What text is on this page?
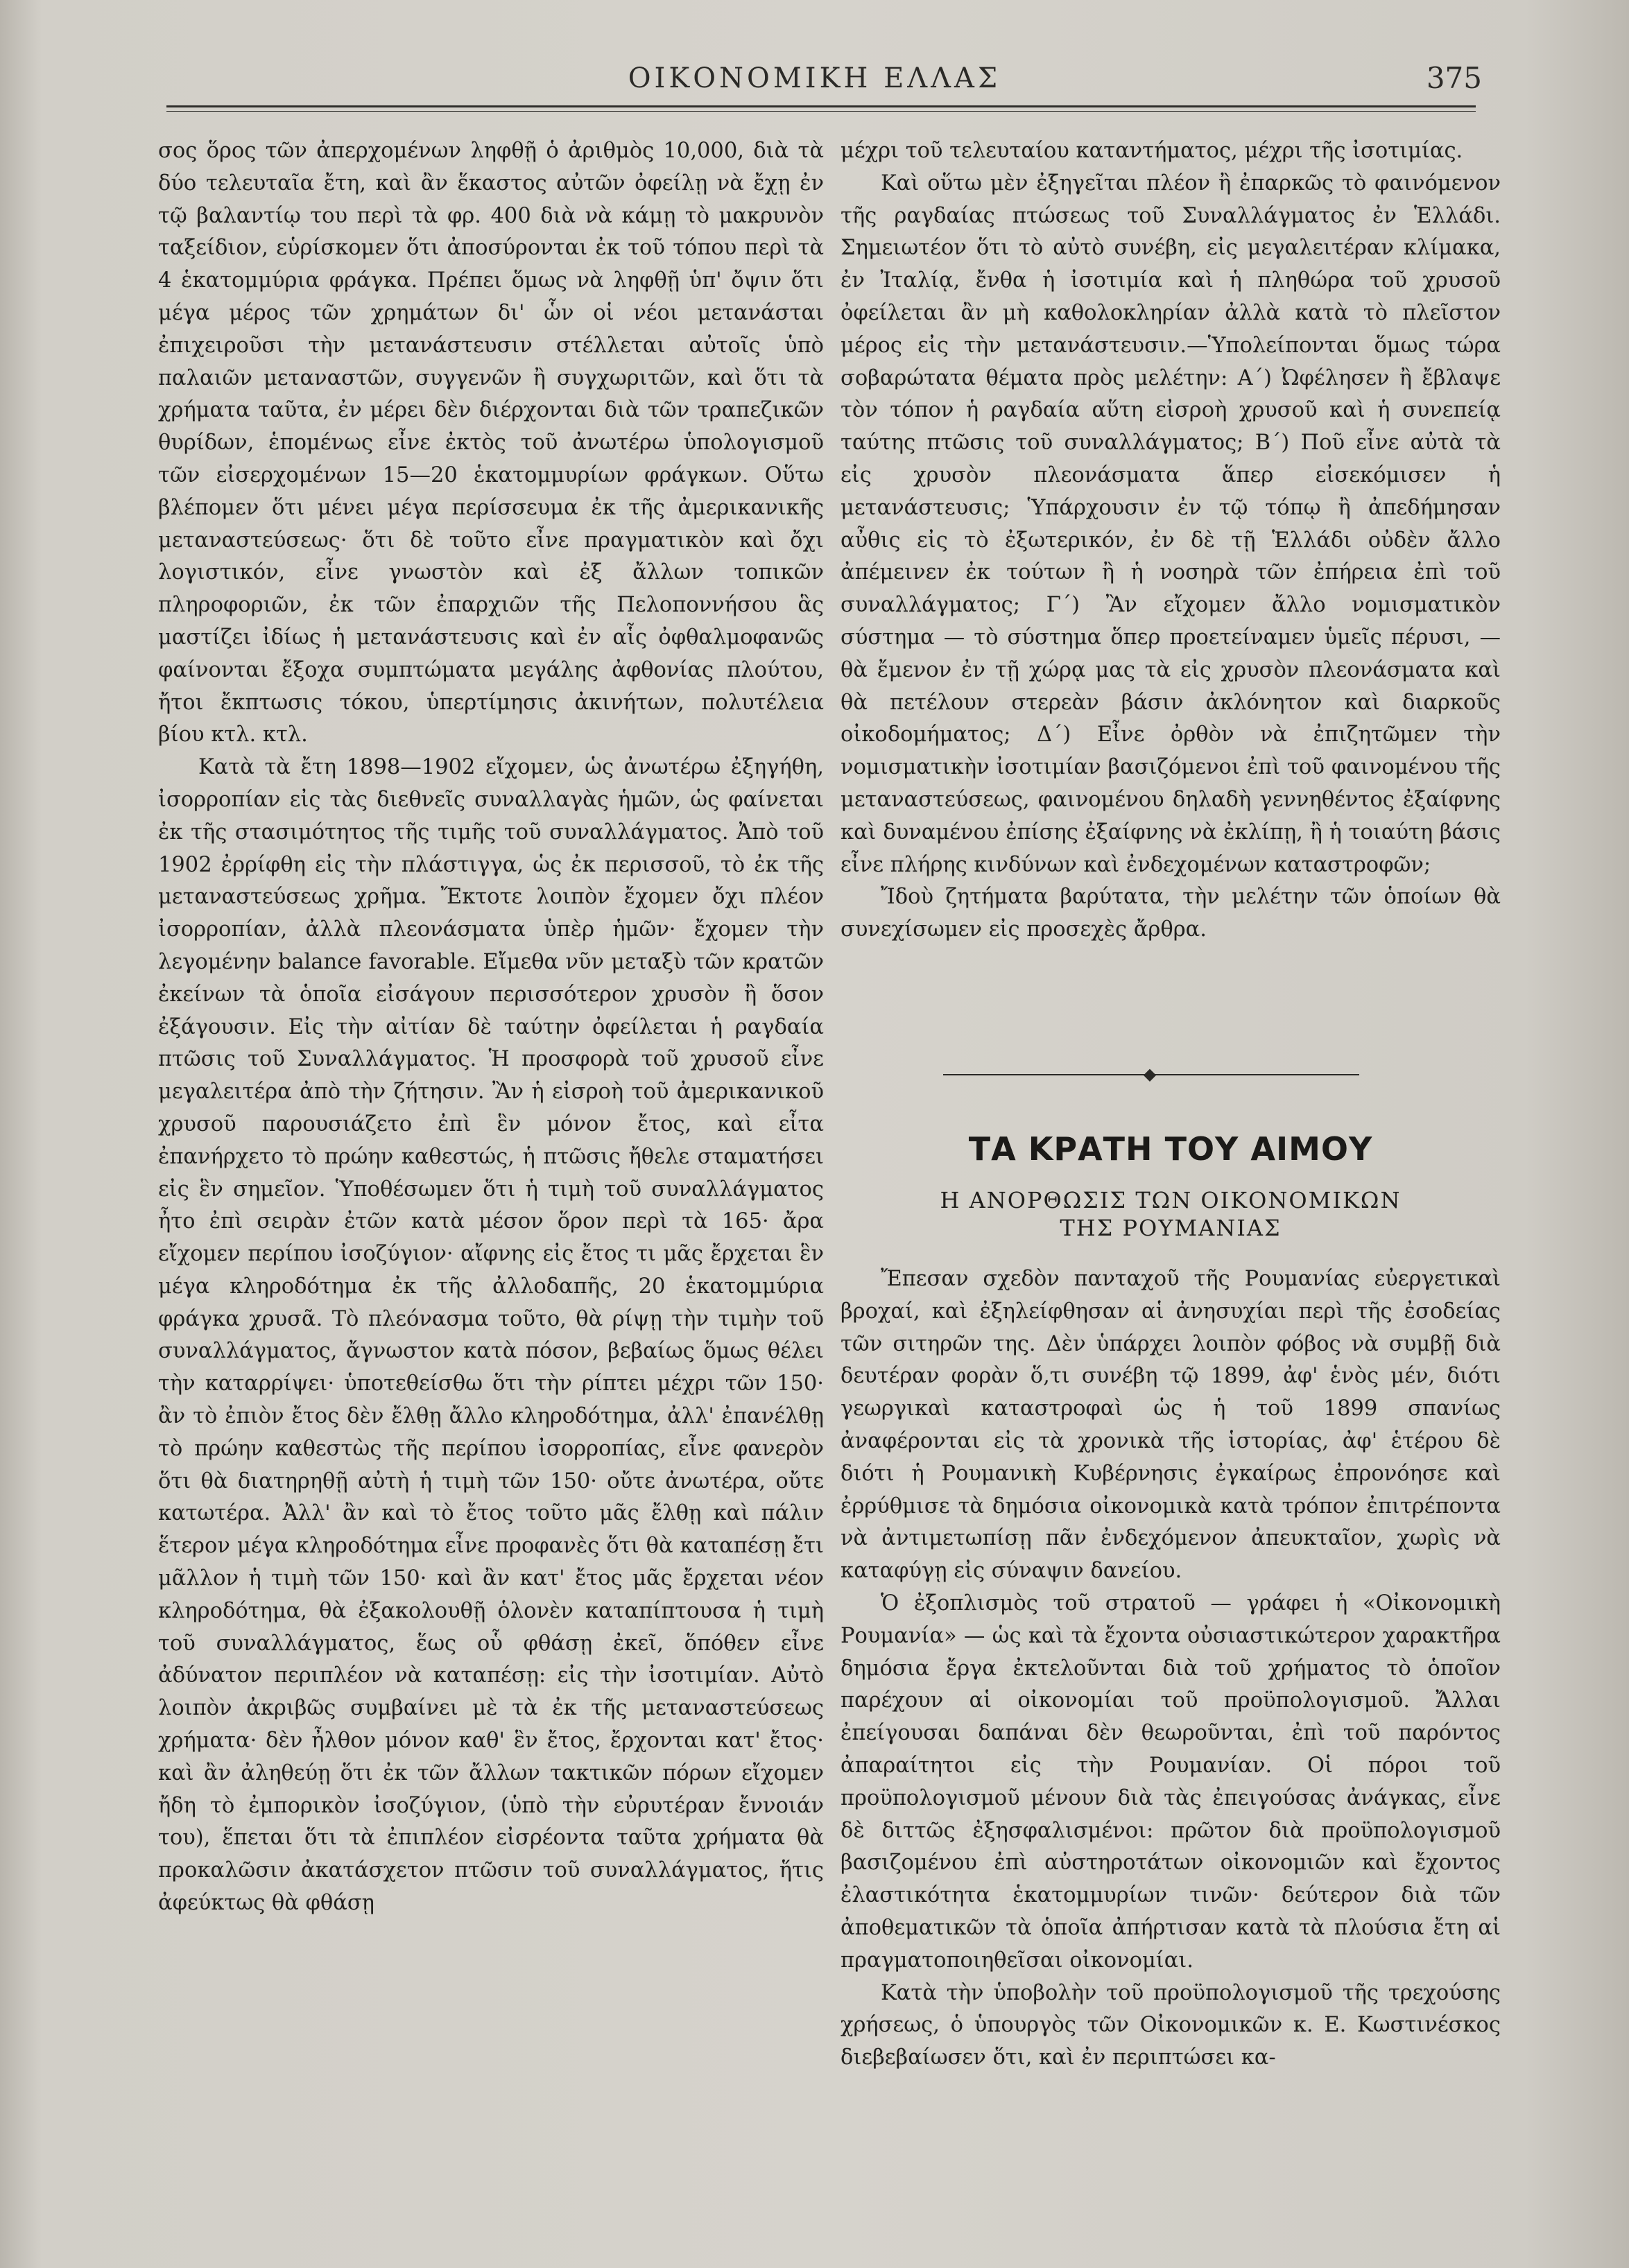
ΟΙΚΟΝΟΜΙΚΗ ΕΛΛΑΣ	375

σος ὅρος τῶν ἀπερχομένων ληφθῇ ὁ ἀριθμὸς 10,000, διὰ τὰ δύο τελευταῖα ἔτη, καὶ ἂν ἕκαστος αὐτῶν ὀφείλῃ νὰ ἔχῃ ἐν τῷ βαλαντίῳ του περὶ τὰ φρ. 400 διὰ νὰ κάμῃ τὸ μακρυνὸν ταξείδιον, εὑρίσκομεν ὅτι ἀποσύρονται ἐκ τοῦ τόπου περὶ τὰ 4 ἑκατομμύρια φράγκα. Πρέπει ὅμως νὰ ληφθῇ ὑπ' ὄψιν ὅτι μέγα μέρος τῶν χρημάτων δι' ὧν οἱ νέοι μετανάσται ἐπιχειροῦσι τὴν μετανάστευσιν στέλλεται αὐτοῖς ὑπὸ παλαιῶν μεταναστῶν, συγγενῶν ἢ συγχωριτῶν, καὶ ὅτι τὰ χρήματα ταῦτα, ἐν μέρει δὲν διέρχονται διὰ τῶν τραπεζικῶν θυρίδων, ἑπομένως εἶνε ἐκτὸς τοῦ ἀνωτέρω ὑπολογισμοῦ τῶν εἰσερχομένων 15—20 ἑκατομμυρίων φράγκων. Οὕτω βλέπομεν ὅτι μένει μέγα περίσσευμα ἐκ τῆς ἀμερικανικῆς μεταναστεύσεως· ὅτι δὲ τοῦτο εἶνε πραγματικὸν καὶ ὄχι λογιστικόν, εἶνε γνωστὸν καὶ ἐξ ἄλλων τοπικῶν πληροφοριῶν, ἐκ τῶν ἐπαρχιῶν τῆς Πελοποννήσου ἃς μαστίζει ἰδίως ἡ μετανάστευσις καὶ ἐν αἷς ὀφθαλμοφανῶς φαίνονται ἔξοχα συμπτώματα μεγάλης ἀφθονίας πλούτου, ἤτοι ἔκπτωσις τόκου, ὑπερτίμησις ἀκινήτων, πολυτέλεια βίου κτλ. κτλ.

Κατὰ τὰ ἔτη 1898—1902 εἴχομεν, ὡς ἀνωτέρω ἐξηγήθη, ἰσορροπίαν εἰς τὰς διεθνεῖς συναλλαγὰς ἡμῶν, ὡς φαίνεται ἐκ τῆς στασιμότητος τῆς τιμῆς τοῦ συναλλάγματος. Ἀπὸ τοῦ 1902 ἐρρίφθη εἰς τὴν πλάστιγγα, ὡς ἐκ περισσοῦ, τὸ ἐκ τῆς μεταναστεύσεως χρῆμα. Ἔκτοτε λοιπὸν ἔχομεν ὄχι πλέον ἰσορροπίαν, ἀλλὰ πλεονάσματα ὑπὲρ ἡμῶν· ἔχομεν τὴν λεγομένην balance favorable. Εἴμεθα νῦν μεταξὺ τῶν κρατῶν ἐκείνων τὰ ὁποῖα εἰσάγουν περισσότερον χρυσὸν ἢ ὅσον ἐξάγουσιν. Εἰς τὴν αἰτίαν δὲ ταύτην ὀφείλεται ἡ ραγδαία πτῶσις τοῦ Συναλλάγματος. Ἡ προσφορὰ τοῦ χρυσοῦ εἶνε μεγαλειτέρα ἀπὸ τὴν ζήτησιν. Ἂν ἡ εἰσροὴ τοῦ ἀμερικανικοῦ χρυσοῦ παρουσιάζετο ἐπὶ ἓν μόνον ἔτος, καὶ εἶτα ἐπανήρχετο τὸ πρώην καθεστώς, ἡ πτῶσις ἤθελε σταματήσει εἰς ἓν σημεῖον. Ὑποθέσωμεν ὅτι ἡ τιμὴ τοῦ συναλλάγματος ἦτο ἐπὶ σειρὰν ἐτῶν κατὰ μέσον ὅρον περὶ τὰ 165· ἄρα εἴχομεν περίπου ἰσοζύγιον· αἴφνης εἰς ἔτος τι μᾶς ἔρχεται ἓν μέγα κληροδότημα ἐκ τῆς ἀλλοδαπῆς, 20 ἑκατομμύρια φράγκα χρυσᾶ. Τὸ πλεόνασμα τοῦτο, θὰ ρίψῃ τὴν τιμὴν τοῦ συναλλάγματος, ἄγνωστον κατὰ πόσον, βεβαίως ὅμως θέλει τὴν καταρρίψει· ὑποτεθείσθω ὅτι τὴν ρίπτει μέχρι τῶν 150· ἂν τὸ ἐπιὸν ἔτος δὲν ἔλθῃ ἄλλο κληροδότημα, ἀλλ' ἐπανέλθῃ τὸ πρώην καθεστὼς τῆς περίπου ἰσορροπίας, εἶνε φανερὸν ὅτι θὰ διατηρηθῇ αὐτὴ ἡ τιμὴ τῶν 150· οὔτε ἀνωτέρα, οὔτε κατωτέρα. Ἀλλ' ἂν καὶ τὸ ἔτος τοῦτο μᾶς ἔλθῃ καὶ πάλιν ἕτερον μέγα κληροδότημα εἶνε προφανὲς ὅτι θὰ καταπέσῃ ἔτι μᾶλλον ἡ τιμὴ τῶν 150· καὶ ἂν κατ' ἔτος μᾶς ἔρχεται νέον κληροδότημα, θὰ ἐξακολουθῇ ὁλονὲν καταπίπτουσα ἡ τιμὴ τοῦ συναλλάγματος, ἕως οὗ φθάσῃ ἐκεῖ, ὅπόθεν εἶνε ἀδύνατον περιπλέον νὰ καταπέσῃ: εἰς τὴν ἰσοτιμίαν. Αὐτὸ λοιπὸν ἀκριβῶς συμβαίνει μὲ τὰ ἐκ τῆς μεταναστεύσεως χρήματα· δὲν ἦλθον μόνον καθ' ἓν ἔτος, ἔρχονται κατ' ἔτος· καὶ ἂν ἀληθεύῃ ὅτι ἐκ τῶν ἄλλων τακτικῶν πόρων εἴχομεν ἤδη τὸ ἐμπορικὸν ἰσοζύγιον, (ὑπὸ τὴν εὐρυτέραν ἔννοιάν του), ἕπεται ὅτι τὰ ἐπιπλέον εἰσρέοντα ταῦτα χρήματα θὰ προκαλῶσιν ἀκατάσχετον πτῶσιν τοῦ συναλλάγματος, ἥτις ἀφεύκτως θὰ φθάσῃ

μέχρι τοῦ τελευταίου καταντήματος, μέχρι τῆς ἰσοτιμίας.

Καὶ οὕτω μὲν ἐξηγεῖται πλέον ἢ ἐπαρκῶς τὸ φαινόμενον τῆς ραγδαίας πτώσεως τοῦ Συναλλάγματος ἐν Ἑλλάδι. Σημειωτέον ὅτι τὸ αὐτὸ συνέβη, εἰς μεγαλειτέραν κλίμακα, ἐν Ἰταλίᾳ, ἔνθα ἡ ἰσοτιμία καὶ ἡ πληθώρα τοῦ χρυσοῦ ὀφείλεται ἂν μὴ καθολοκληρίαν ἀλλὰ κατὰ τὸ πλεῖστον μέρος εἰς τὴν μετανάστευσιν.—Ὑπολείπονται ὅμως τώρα σοβαρώτατα θέματα πρὸς μελέτην: Α΄) Ὠφέλησεν ἢ ἔβλαψε τὸν τόπον ἡ ραγδαία αὕτη εἰσροὴ χρυσοῦ καὶ ἡ συνεπείᾳ ταύτης πτῶσις τοῦ συναλλάγματος; Β΄) Ποῦ εἶνε αὐτὰ τὰ εἰς χρυσὸν πλεονάσματα ἅπερ εἰσεκόμισεν ἡ μετανάστευσις; Ὑπάρχουσιν ἐν τῷ τόπῳ ἢ ἀπεδήμησαν αὖθις εἰς τὸ ἐξωτερικόν, ἐν δὲ τῇ Ἑλλάδι οὐδὲν ἄλλο ἀπέμεινεν ἐκ τούτων ἢ ἡ νοσηρὰ τῶν ἐπήρεια ἐπὶ τοῦ συναλλάγματος; Γ΄) Ἂν εἴχομεν ἄλλο νομισματικὸν σύστημα — τὸ σύστημα ὅπερ προετείναμεν ὑμεῖς πέρυσι, — θὰ ἔμενον ἐν τῇ χώρᾳ μας τὰ εἰς χρυσὸν πλεονάσματα καὶ θὰ πετέλουν στερεὰν βάσιν ἀκλόνητον καὶ διαρκοῦς οἰκοδομήματος; Δ΄) Εἶνε ὀρθὸν νὰ ἐπιζητῶμεν τὴν νομισματικὴν ἰσοτιμίαν βασιζόμενοι ἐπὶ τοῦ φαινομένου τῆς μεταναστεύσεως, φαινομένου δηλαδὴ γεννηθέντος ἐξαίφνης καὶ δυναμένου ἐπίσης ἐξαίφνης νὰ ἐκλίπῃ, ἢ ἡ τοιαύτη βάσις εἶνε πλήρης κινδύνων καὶ ἐνδεχομένων καταστροφῶν;

Ἴδοὺ ζητήματα βαρύτατα, τὴν μελέτην τῶν ὁποίων θὰ συνεχίσωμεν εἰς προσεχὲς ἄρθρα.

◆
ΤΑ ΚΡΑΤΗ ΤΟΥ ΑΙΜΟΥ
Η ΑΝΟΡΘΩΣΙΣ ΤΩΝ ΟΙΚΟΝΟΜΙΚΩΝ
ΤΗΣ ΡΟΥΜΑΝΙΑΣ

Ἔπεσαν σχεδὸν πανταχοῦ τῆς Ρουμανίας εὐεργετικαὶ βροχαί, καὶ ἐξηλείφθησαν αἱ ἀνησυχίαι περὶ τῆς ἐσοδείας τῶν σιτηρῶν της. Δὲν ὑπάρχει λοιπὸν φόβος νὰ συμβῇ διὰ δευτέραν φορὰν ὅ,τι συνέβη τῷ 1899, ἀφ' ἑνὸς μέν, διότι γεωργικαὶ καταστροφαὶ ὡς ἡ τοῦ 1899 σπανίως ἀναφέρονται εἰς τὰ χρονικὰ τῆς ἱστορίας, ἀφ' ἑτέρου δὲ διότι ἡ Ρουμανικὴ Κυβέρνησις ἐγκαίρως ἐπρονόησε καὶ ἐρρύθμισε τὰ δημόσια οἰκονομικὰ κατὰ τρόπον ἐπιτρέποντα νὰ ἀντιμετωπίσῃ πᾶν ἐνδεχόμενον ἀπευκταῖον, χωρὶς νὰ καταφύγῃ εἰς σύναψιν δανείου.

Ὁ ἐξοπλισμὸς τοῦ στρατοῦ — γράφει ἡ «Οἰκονομικὴ Ρουμανία» — ὡς καὶ τὰ ἔχοντα οὐσιαστικώτερον χαρακτῆρα δημόσια ἔργα ἐκτελοῦνται διὰ τοῦ χρήματος τὸ ὁποῖον παρέχουν αἱ οἰκονομίαι τοῦ προϋπολογισμοῦ. Ἄλλαι ἐπείγουσαι δαπάναι δὲν θεωροῦνται, ἐπὶ τοῦ παρόντος ἀπαραίτητοι εἰς τὴν Ρουμανίαν. Οἱ πόροι τοῦ προϋπολογισμοῦ μένουν διὰ τὰς ἐπειγούσας ἀνάγκας, εἶνε δὲ διττῶς ἐξησφαλισμένοι: πρῶτον διὰ προϋπολογισμοῦ βασιζομένου ἐπὶ αὐστηροτάτων οἰκονομιῶν καὶ ἔχοντος ἐλαστικότητα ἑκατομμυρίων τινῶν· δεύτερον διὰ τῶν ἀποθεματικῶν τὰ ὁποῖα ἀπήρτισαν κατὰ τὰ πλούσια ἔτη αἱ πραγματοποιηθεῖσαι οἰκονομίαι.

Κατὰ τὴν ὑποβολὴν τοῦ προϋπολογισμοῦ τῆς τρεχούσης χρήσεως, ὁ ὑπουργὸς τῶν Οἰκονομικῶν κ. Ε. Κωστινέσκος διεβεβαίωσεν ὅτι, καὶ ἐν περιπτώσει κα-
